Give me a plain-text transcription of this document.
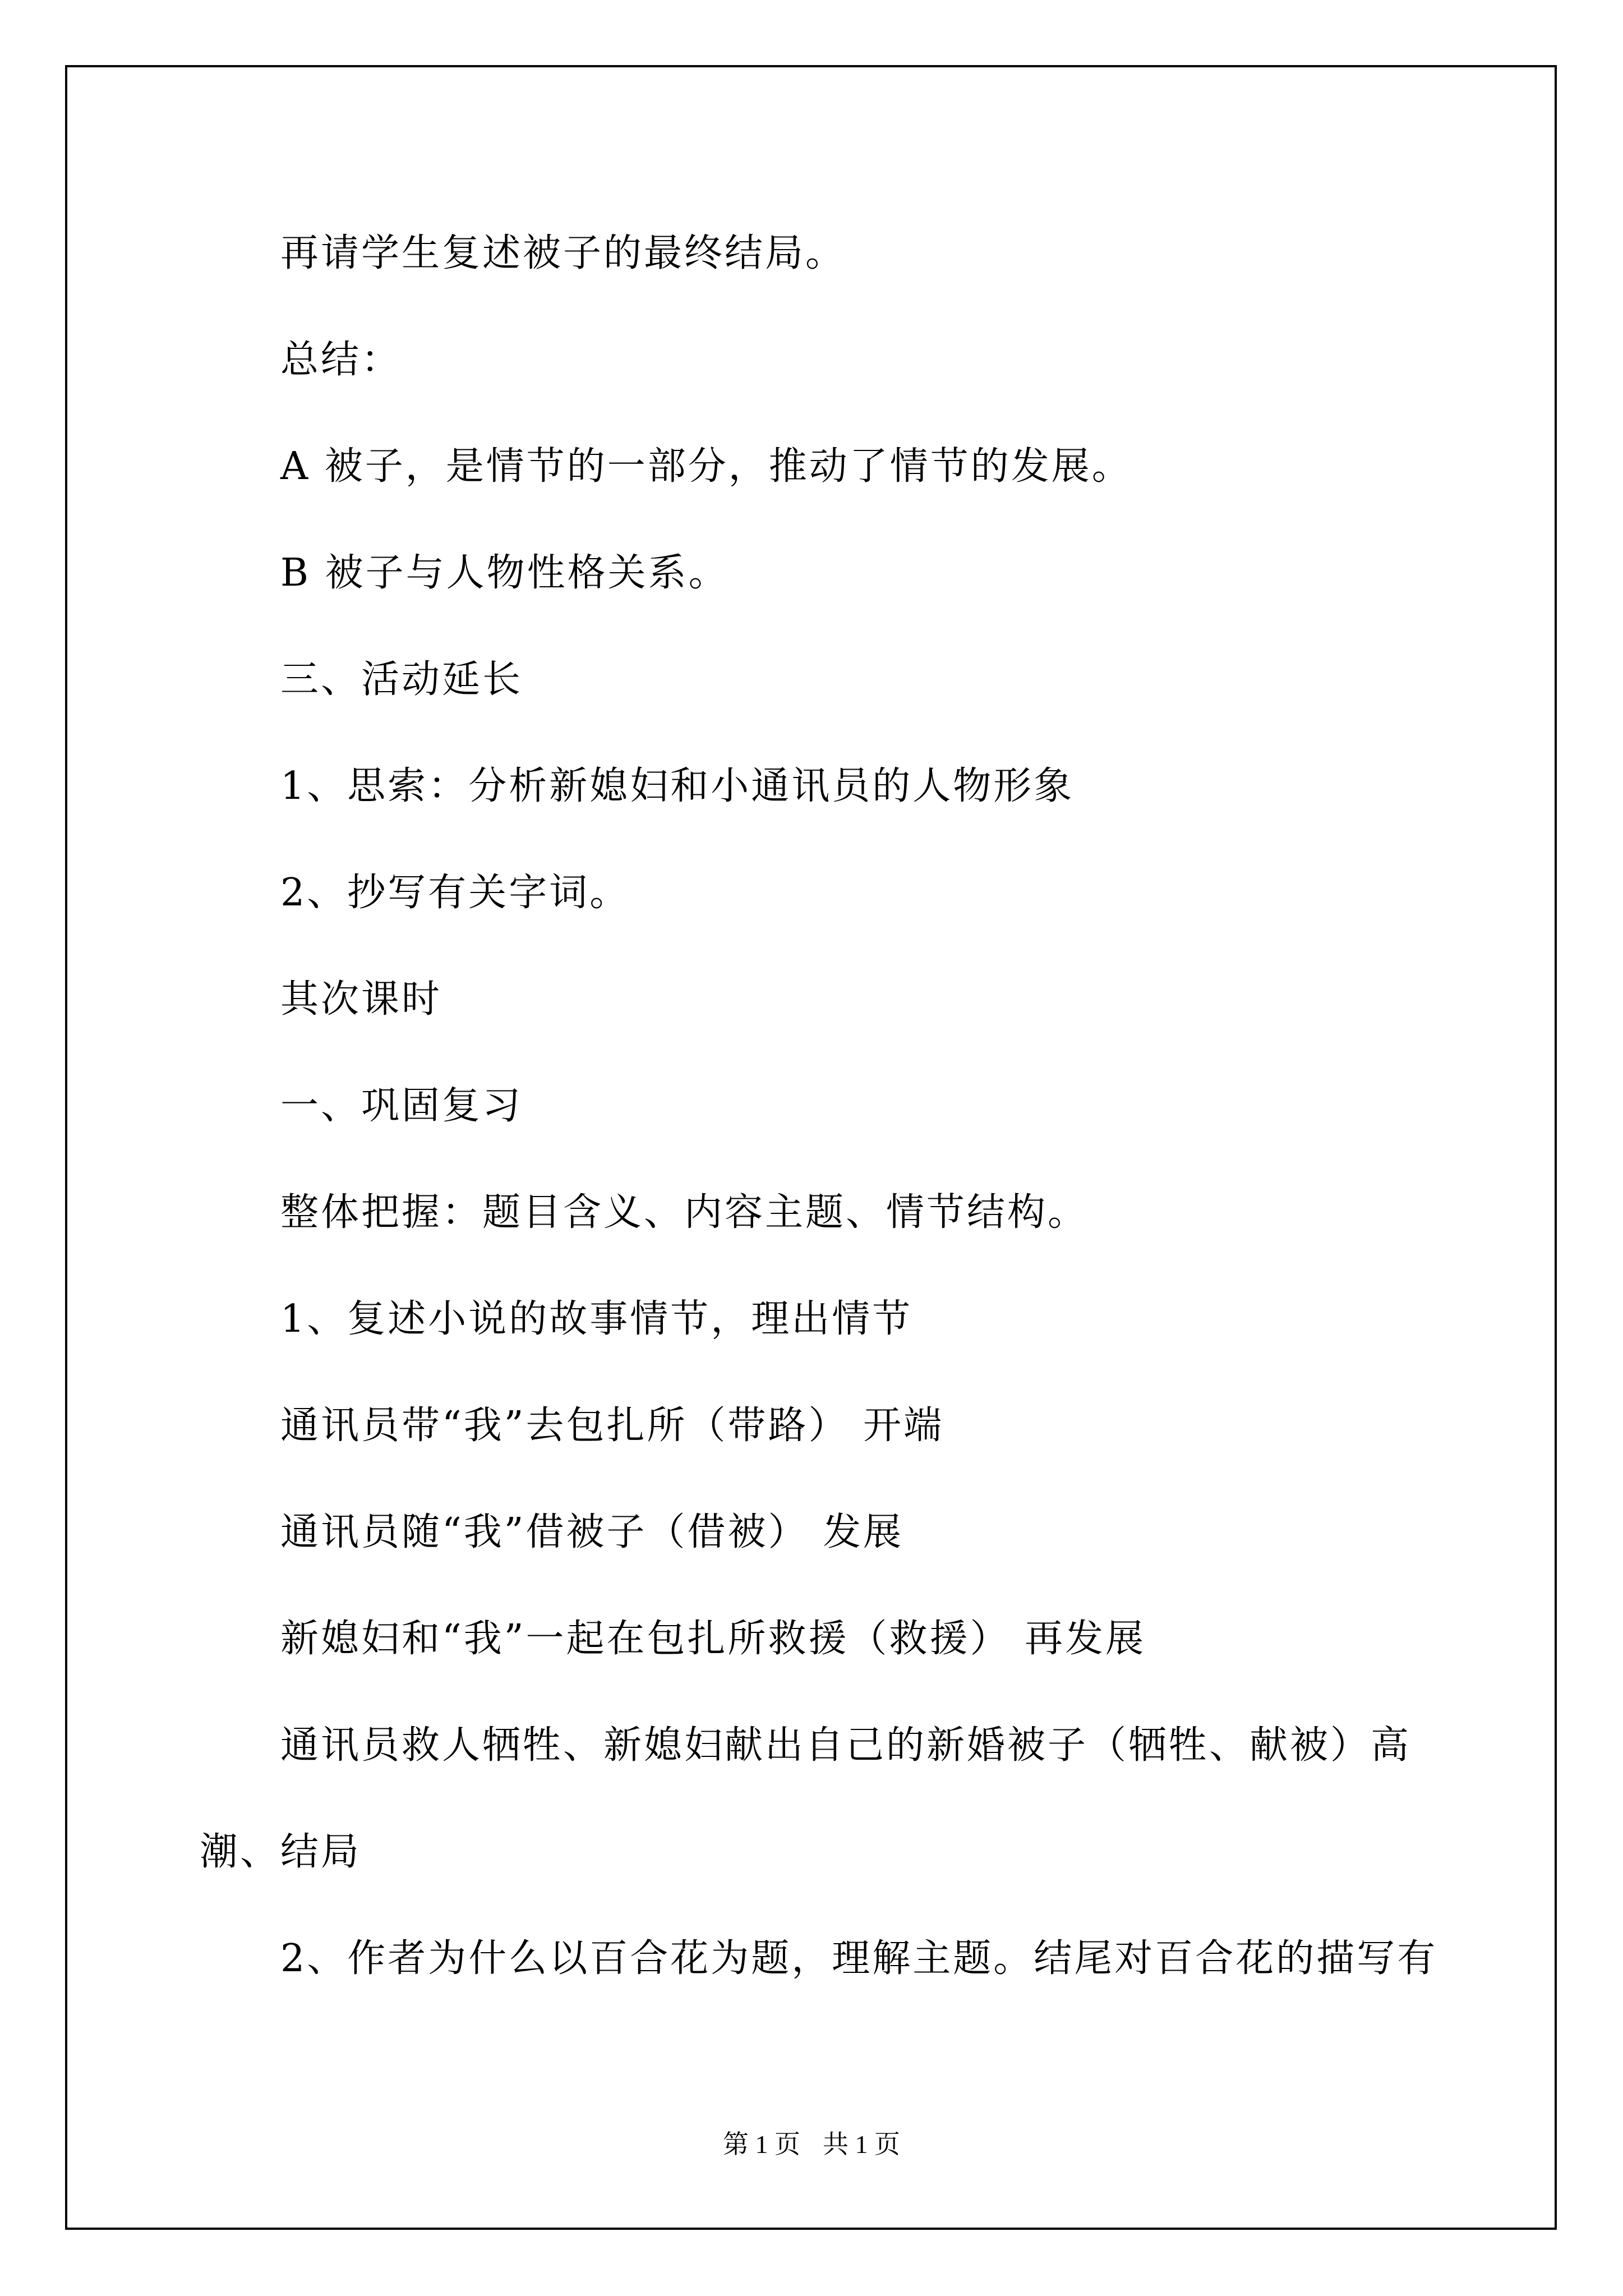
再请学生复述被子的最终结局。

总结：

A 被子，是情节的一部分，推动了情节的发展。

B 被子与人物性格关系。

三、活动延长

1、思索：分析新媳妇和小通讯员的人物形象

2、抄写有关字词。

其次课时

一、巩固复习

整体把握：题目含义、内容主题、情节结构。

1、复述小说的故事情节，理出情节

通讯员带“我”去包扎所（带路） 开端

通讯员随“我”借被子（借被） 发展

新媳妇和“我”一起在包扎所救援（救援） 再发展

通讯员救人牺牲、新媳妇献出自己的新婚被子（牺牲、献被）高

潮、结局

2、作者为什么以百合花为题，理解主题。结尾对百合花的描写有

第 1 页 共 1 页
